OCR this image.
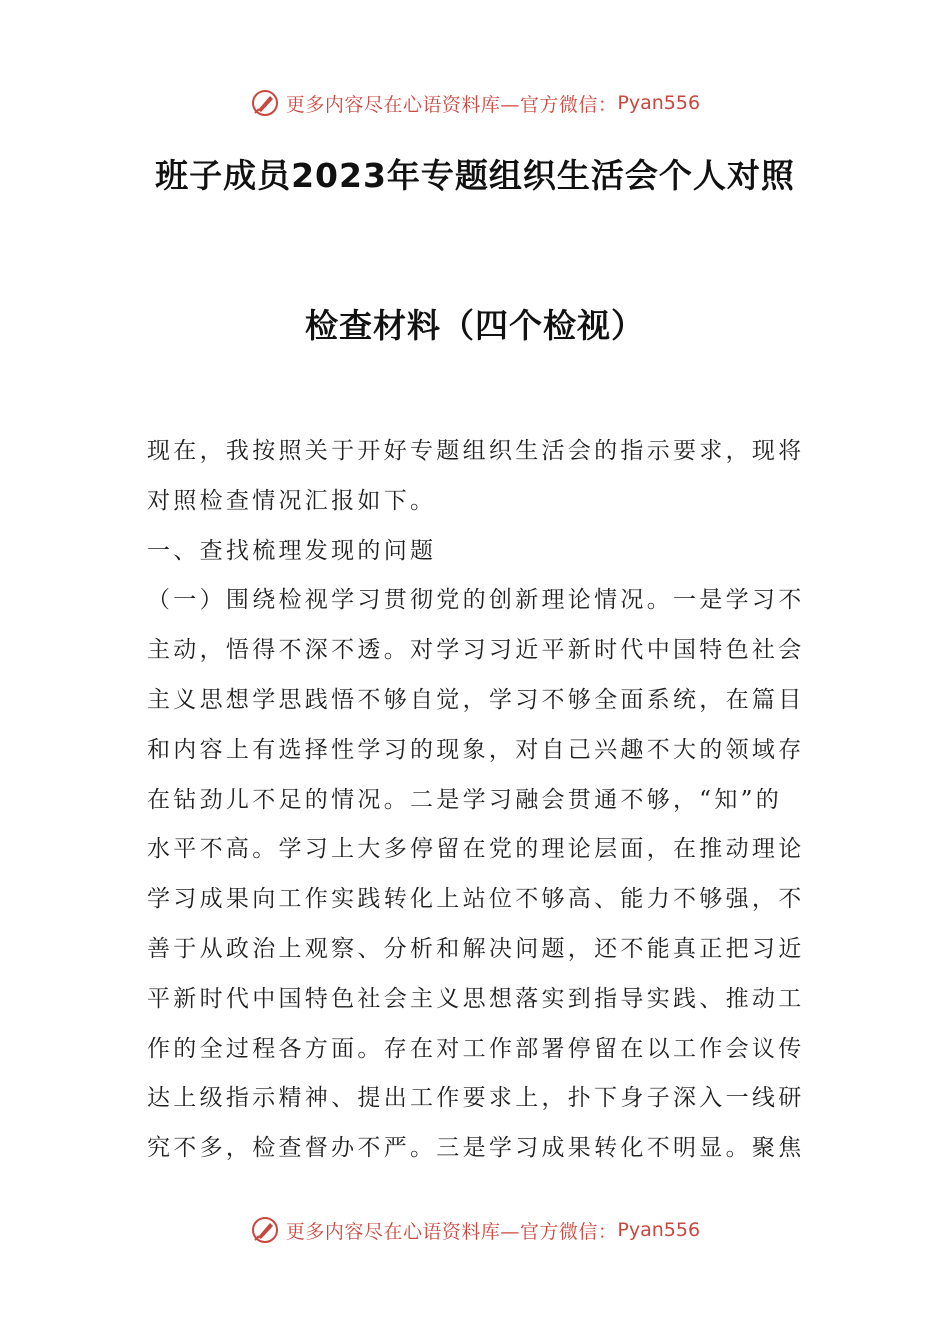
更多内容尽在心语资料库—官方微信： Pyan556
班子成员2023年专题组织生活会个人对照
检查材料（四个检视）
现在，我按照关于开好专题组织生活会的指示要求，现将
对照检查情况汇报如下。
一、查找梳理发现的问题
（一）围绕检视学习贯彻党的创新理论情况。一是学习不
主动，悟得不深不透。对学习习近平新时代中国特色社会
主义思想学思践悟不够自觉，学习不够全面系统，在篇目
和内容上有选择性学习的现象，对自己兴趣不大的领域存
在钻劲儿不足的情况。二是学习融会贯通不够，“知”的
水平不高。学习上大多停留在党的理论层面，在推动理论
学习成果向工作实践转化上站位不够高、能力不够强，不
善于从政治上观察、分析和解决问题，还不能真正把习近
平新时代中国特色社会主义思想落实到指导实践、推动工
作的全过程各方面。存在对工作部署停留在以工作会议传
达上级指示精神、提出工作要求上，扑下身子深入一线研
究不多，检查督办不严。三是学习成果转化不明显。聚焦
更多内容尽在心语资料库—官方微信： Pyan556
